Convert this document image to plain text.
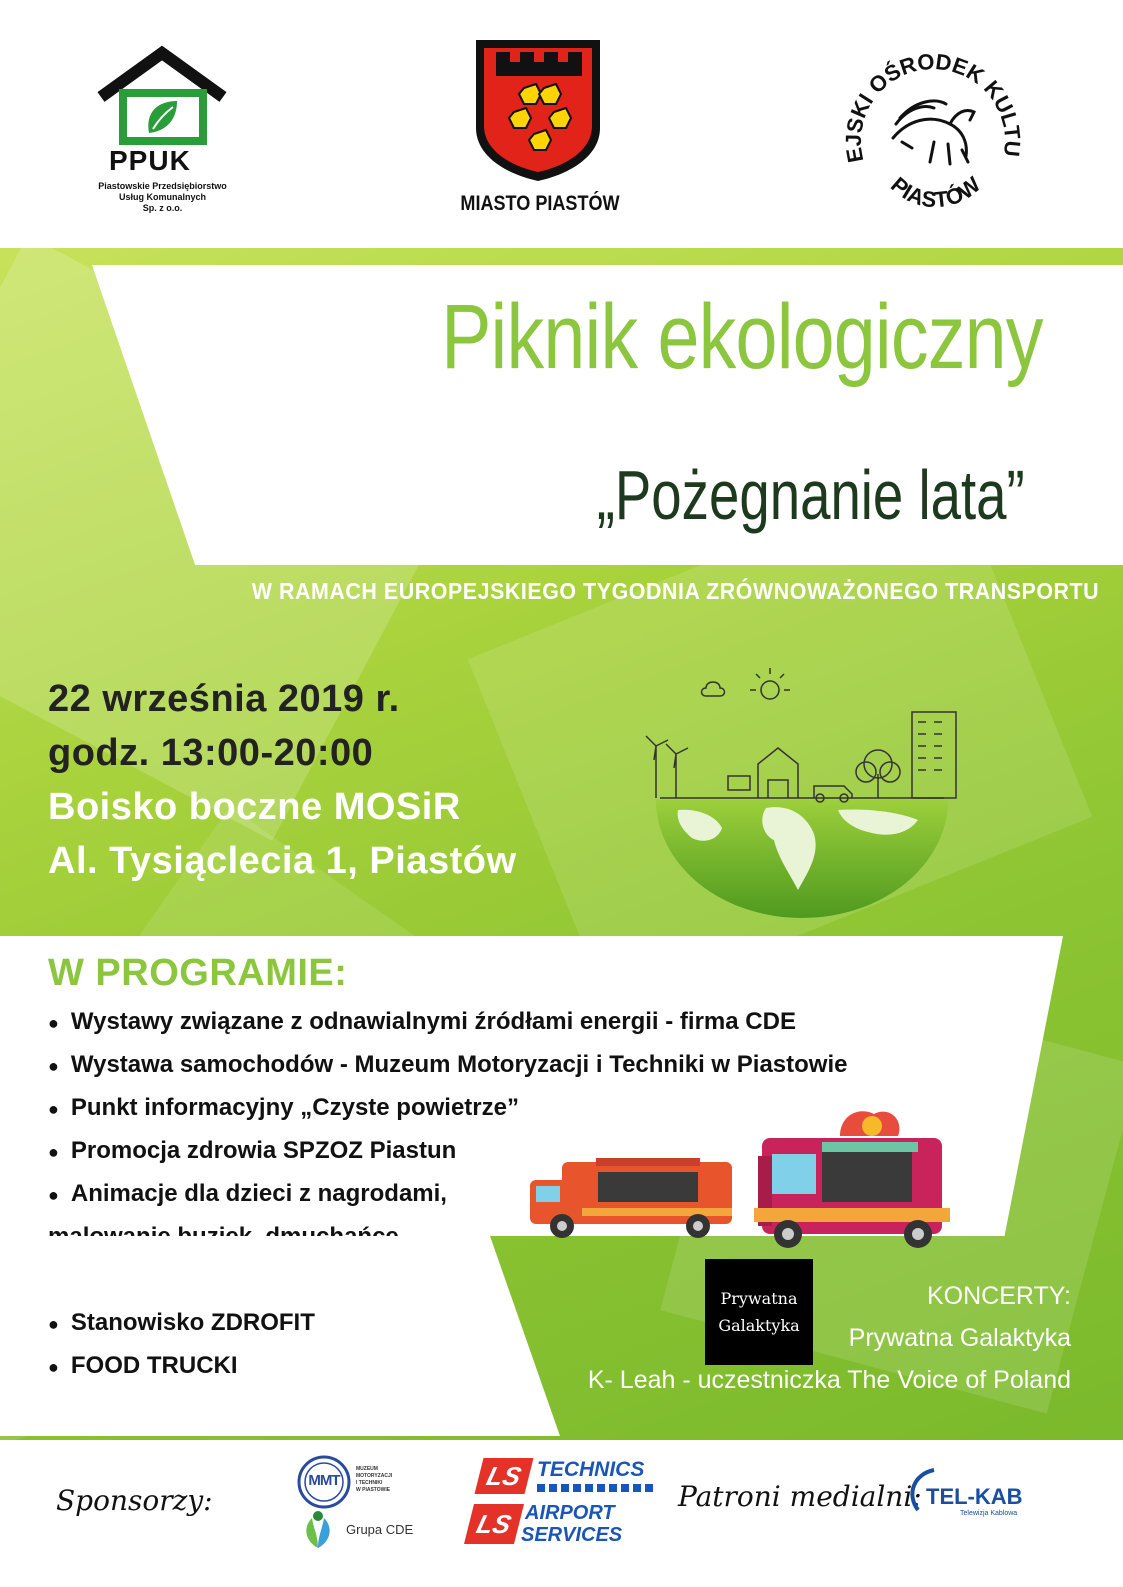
PPUK
Piastowskie Przedsiębiorstwo
Usług Komunalnych
Sp. z o.o.	MIASTO PIASTÓW
EJSKI OŚRODEK KULTU
PIASTÓW
Piknik ekologiczny
„Pożegnanie lata”
W RAMACH EUROPEJSKIEGO TYGODNIA ZRÓWNOWAŻONEGO TRANSPORTU
22 września 2019 r.
godz. 13:00-20:00
Boisko boczne MOSiR
Al. Tysiąclecia 1, Piastów
W PROGRAMIE:
● Wystawy związane z odnawialnymi źródłami energii - firma CDE
● Wystawa samochodów - Muzeum Motoryzacji i Techniki w Piastowie
● Punkt informacyjny „Czyste powietrze”
● Promocja zdrowia SPZOZ Piastun
● Animacje dla dzieci z nagrodami,
● Stanowisko ZDROFIT
● FOOD TRUCKI
Prywatna
Galaktyka
KONCERTY:
Prywatna Galaktyka
K- Leah - uczestniczka The Voice of Poland
Sponsorzy:
MMT
MUZEUM
MOTORYZACJI
I TECHNIKI
W PIASTOWIE
Grupa CDE
LS TECHNICS
LS AIRPORT
SERVICES
Patroni medialni: TEL-KAB
Telewizja Kablowa
